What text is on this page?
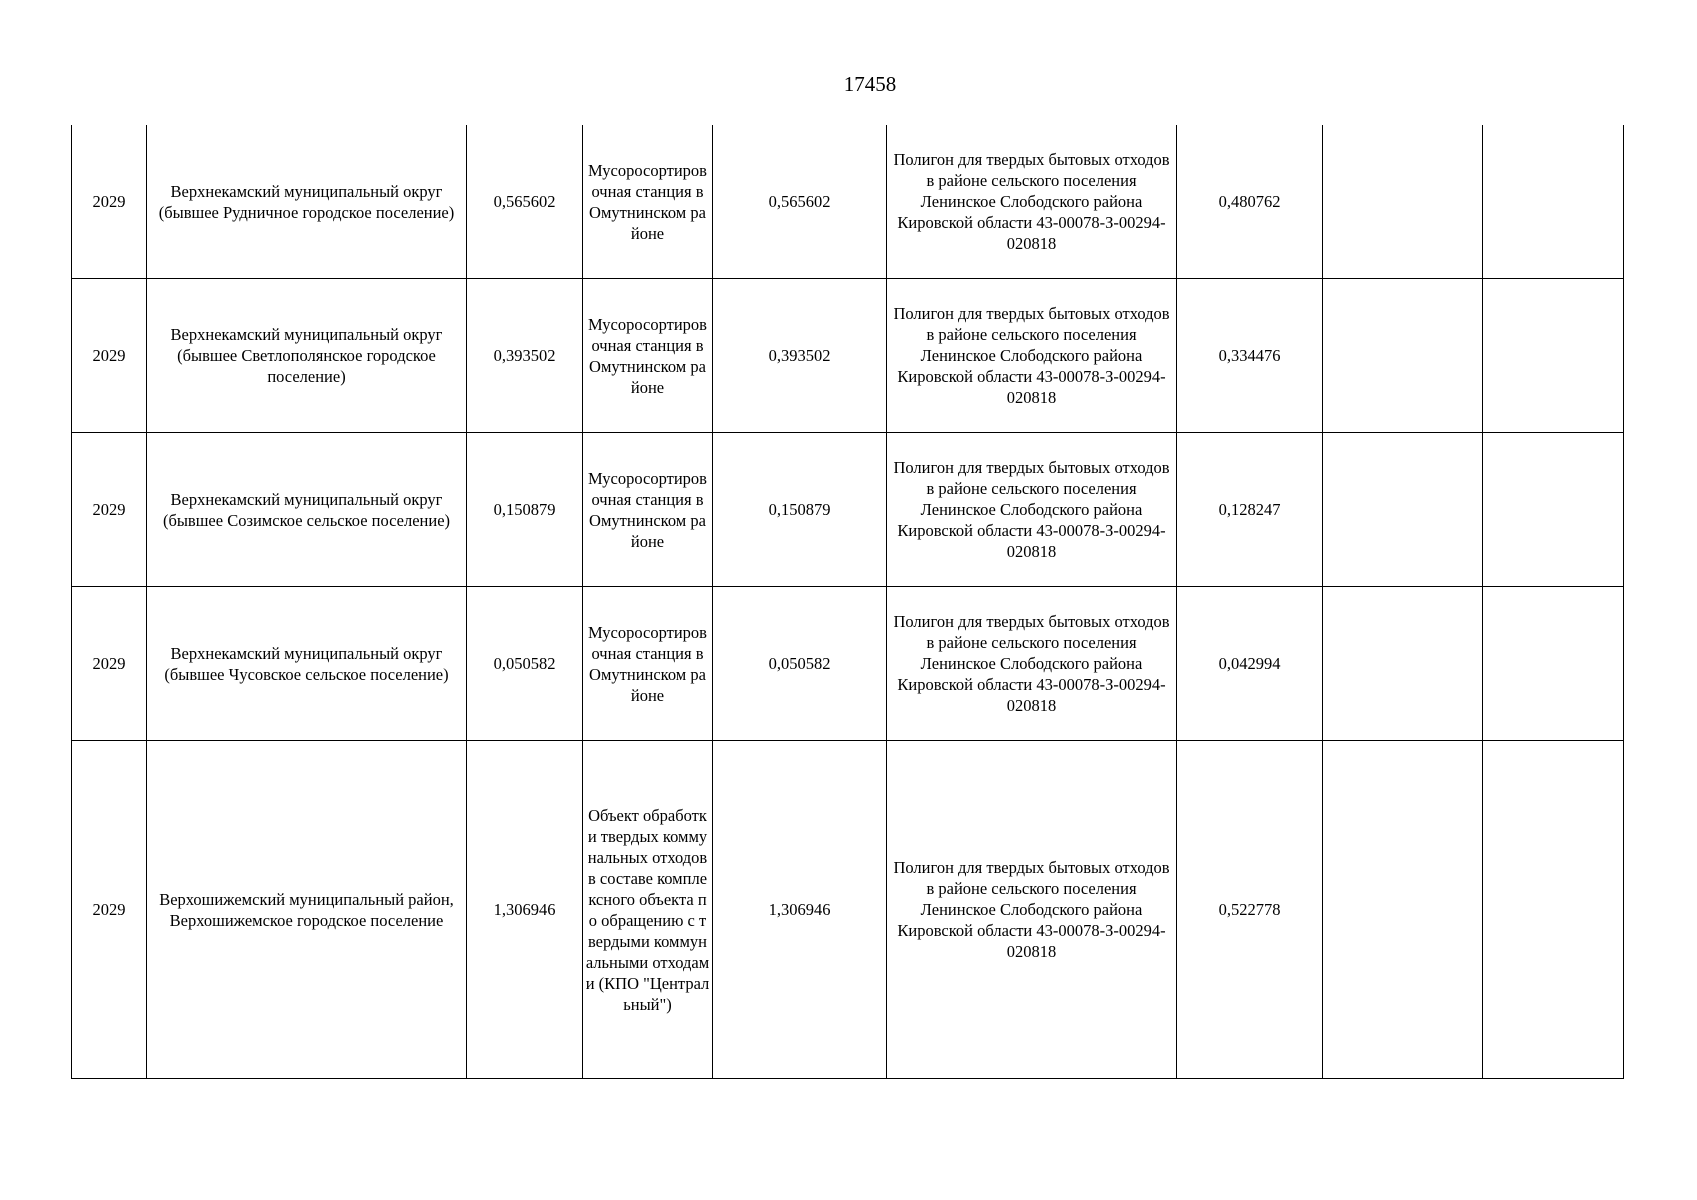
17458
2029	Верхнекамский муниципальный округ (бывшее Рудничное городское поселение)	0,565602	Мусоросортировочная станция в Омутнинском районе	0,565602	Полигон для твердых бытовых отходов в районе сельского поселения Ленинское Слободского района Кировской области 43-00078-З-00294-020818	0,480762		
2029	Верхнекамский муниципальный округ (бывшее Светлополянское городское поселение)	0,393502	Мусоросортировочная станция в Омутнинском районе	0,393502	Полигон для твердых бытовых отходов в районе сельского поселения Ленинское Слободского района Кировской области 43-00078-З-00294-020818	0,334476		
2029	Верхнекамский муниципальный округ (бывшее Созимское сельское поселение)	0,150879	Мусоросортировочная станция в Омутнинском районе	0,150879	Полигон для твердых бытовых отходов в районе сельского поселения Ленинское Слободского района Кировской области 43-00078-З-00294-020818	0,128247		
2029	Верхнекамский муниципальный округ (бывшее Чусовское сельское поселение)	0,050582	Мусоросортировочная станция в Омутнинском районе	0,050582	Полигон для твердых бытовых отходов в районе сельского поселения Ленинское Слободского района Кировской области 43-00078-З-00294-020818	0,042994		
2029	Верхошижемский муниципальный район, Верхошижемское городское поселение	1,306946	Объект обработки твердых коммунальных отходов в составе комплексного объекта по обращению с твердыми коммунальными отходами (КПО "Центральный")	1,306946	Полигон для твердых бытовых отходов в районе сельского поселения Ленинское Слободского района Кировской области 43-00078-З-00294-020818	0,522778		
